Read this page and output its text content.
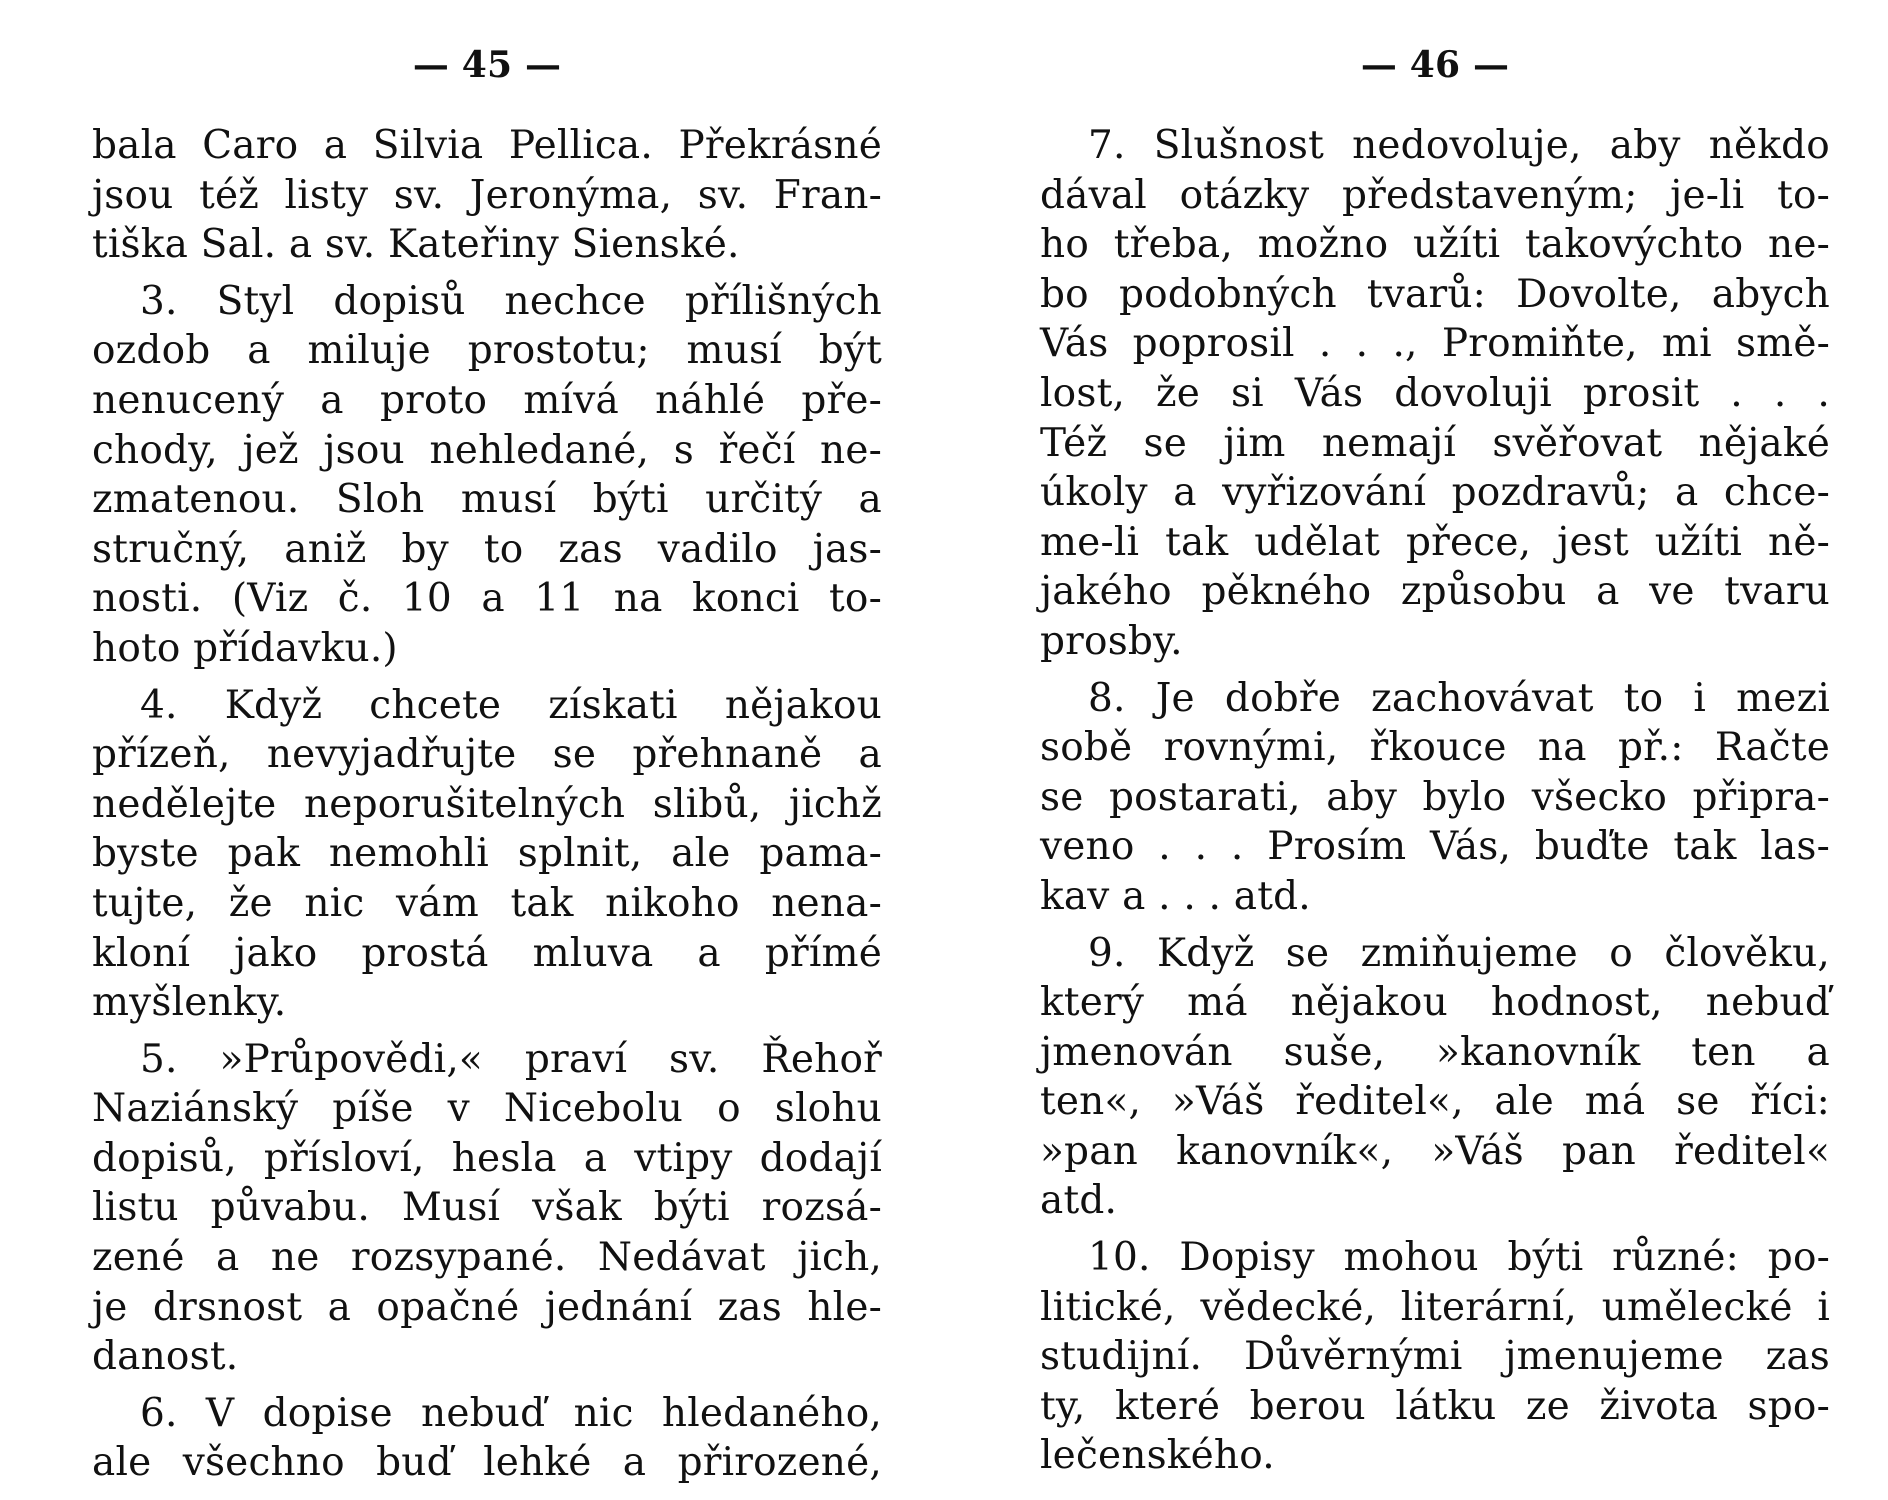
— 45 —
bala Caro a Silvia Pellica. Překrásné
jsou též listy sv. Jeronýma, sv. Fran-
tiška Sal. a sv. Kateřiny Sienské.
3. Styl dopisů nechce přílišných
ozdob a miluje prostotu; musí být
nenucený a proto mívá náhlé pře-
chody, jež jsou nehledané, s řečí ne-
zmatenou. Sloh musí býti určitý a
stručný, aniž by to zas vadilo jas-
nosti. (Viz č. 10 a 11 na konci to-
hoto přídavku.)
4. Když chcete získati nějakou
přízeň, nevyjadřujte se přehnaně a
nedělejte neporušitelných slibů, jichž
byste pak nemohli splnit, ale pama-
tujte, že nic vám tak nikoho nena-
kloní jako prostá mluva a přímé
myšlenky.
5. »Průpovědi,« praví sv. Řehoř
Naziánský píše v Nicebolu o slohu
dopisů, přísloví, hesla a vtipy dodají
listu půvabu. Musí však býti rozsá-
zené a ne rozsypané. Nedávat jich,
je drsnost a opačné jednání zas hle-
danost.
6. V dopise nebuď nic hledaného,
ale všechno buď lehké a přirozené,
— 46 —
7. Slušnost nedovoluje, aby někdo
dával otázky představeným; je-li to-
ho třeba, možno užíti takovýchto ne-
bo podobných tvarů: Dovolte, abych
Vás poprosil . . ., Promiňte, mi smě-
lost, že si Vás dovoluji prosit . . .
Též se jim nemají svěřovat nějaké
úkoly a vyřizování pozdravů; a chce-
me-li tak udělat přece, jest užíti ně-
jakého pěkného způsobu a ve tvaru
prosby.
8. Je dobře zachovávat to i mezi
sobě rovnými, řkouce na př.: Račte
se postarati, aby bylo všecko připra-
veno . . . Prosím Vás, buďte tak las-
kav a . . . atd.
9. Když se zmiňujeme o člověku,
který má nějakou hodnost, nebuď
jmenován suše, »kanovník ten a
ten«, »Váš ředitel«, ale má se říci:
»pan kanovník«, »Váš pan ředitel«
atd.
10. Dopisy mohou býti různé: po-
litické, vědecké, literární, umělecké i
studijní. Důvěrnými jmenujeme zas
ty, které berou látku ze života spo-
lečenského.
